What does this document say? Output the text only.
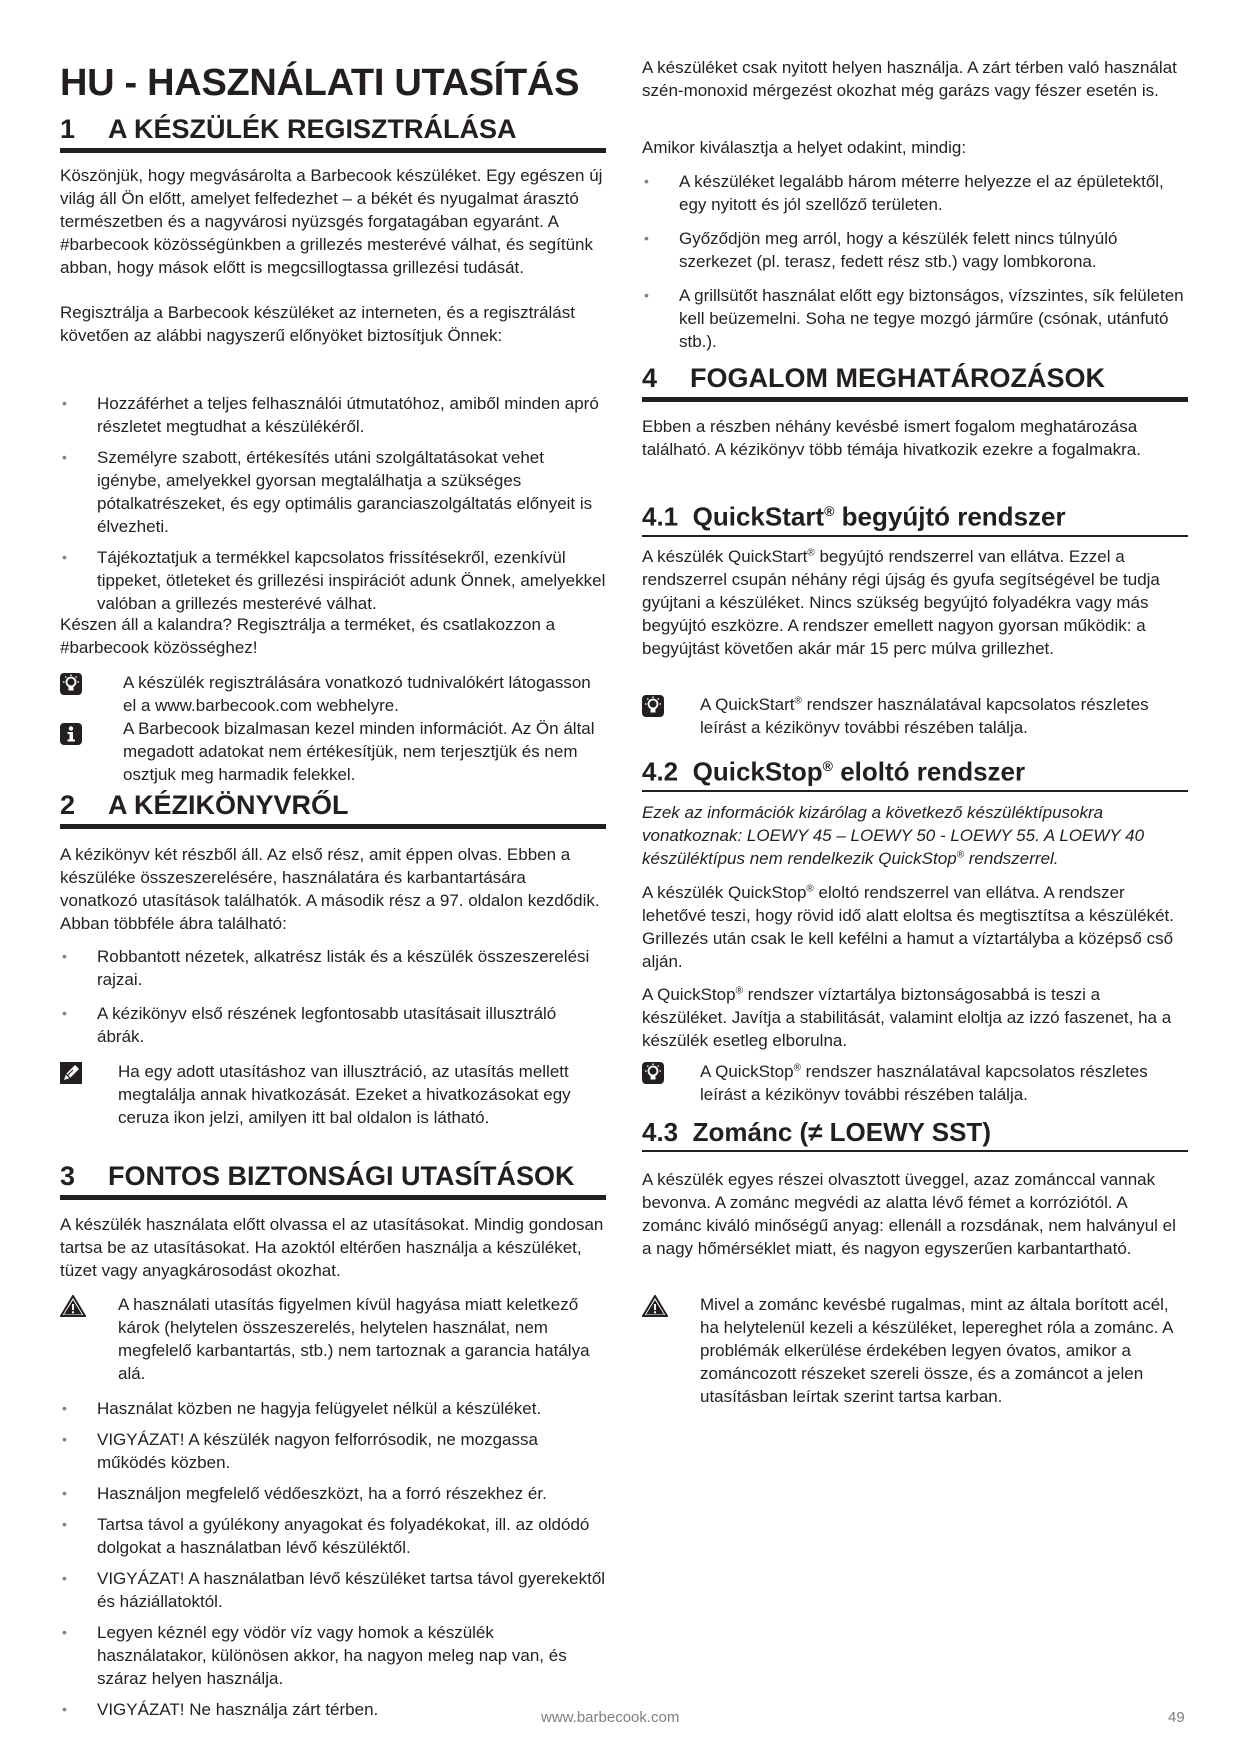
HU - HASZNÁLATI UTASÍTÁS
1 A KÉSZÜLÉK REGISZTRÁLÁSA

Köszönjük, hogy megvásárolta a Barbecook készüléket. Egy egészen új világ áll Ön előtt, amelyet felfedezhet – a békét és nyugalmat árasztó természetben és a nagyvárosi nyüzsgés forgatagában egyaránt. A #barbecook közösségünkben a grillezés mesterévé válhat, és segítünk abban, hogy mások előtt is megcsillogtassa grillezési tudását.

Regisztrálja a Barbecook készüléket az interneten, és a regisztrálást követően az alábbi nagyszerű előnyöket biztosítjuk Önnek:

• Hozzáférhet a teljes felhasználói útmutatóhoz, amiből minden apró részletet megtudhat a készülékéről.
• Személyre szabott, értékesítés utáni szolgáltatásokat vehet igénybe, amelyekkel gyorsan megtalálhatja a szükséges pótalkatrészeket, és egy optimális garanciaszolgáltatás előnyeit is élvezheti.
• Tájékoztatjuk a termékkel kapcsolatos frissítésekről, ezenkívül tippeket, ötleteket és grillezési inspirációt adunk Önnek, amelyekkel valóban a grillezés mesterévé válhat.

Készen áll a kalandra? Regisztrálja a terméket, és csatlakozzon a #barbecook közösséghez!

A készülék regisztrálására vonatkozó tudnivalókért látogasson el a www.barbecook.com webhelyre.
A Barbecook bizalmasan kezel minden információt. Az Ön által megadott adatokat nem értékesítjük, nem terjesztjük és nem osztjuk meg harmadik felekkel.
2 A KÉZIKÖNYVRŐL

A kézikönyv két részből áll. Az első rész, amit éppen olvas. Ebben a készüléke összeszerelésére, használatára és karbantartására vonatkozó utasítások találhatók. A második rész a 97. oldalon kezdődik. Abban többféle ábra található:

• Robbantott nézetek, alkatrész listák és a készülék összeszerelési rajzai.
• A kézikönyv első részének legfontosabb utasításait illusztráló ábrák.
Ha egy adott utasításhoz van illusztráció, az utasítás mellett megtalálja annak hivatkozását. Ezeket a hivatkozásokat egy ceruza ikon jelzi, amilyen itt bal oldalon is látható.
3 FONTOS BIZTONSÁGI UTASÍTÁSOK

A készülék használata előtt olvassa el az utasításokat. Mindig gondosan tartsa be az utasításokat. Ha azoktól eltérően használja a készüléket, tüzet vagy anyagkárosodást okozhat.

A használati utasítás figyelmen kívül hagyása miatt keletkező károk (helytelen összeszerelés, helytelen használat, nem megfelelő karbantartás, stb.) nem tartoznak a garancia hatálya alá.
• Használat közben ne hagyja felügyelet nélkül a készüléket.
• VIGYÁZAT! A készülék nagyon felforrósodik, ne mozgassa működés közben.
• Használjon megfelelő védőeszközt, ha a forró részekhez ér.
• Tartsa távol a gyúlékony anyagokat és folyadékokat, ill. az oldódó dolgokat a használatban lévő készüléktől.
• VIGYÁZAT! A használatban lévő készüléket tartsa távol gyerekektől és háziállatoktól.
• Legyen kéznél egy vödör víz vagy homok a készülék használatakor, különösen akkor, ha nagyon meleg nap van, és száraz helyen használja.
• VIGYÁZAT! Ne használja zárt térben.

A készüléket csak nyitott helyen használja. A zárt térben való használat szén-monoxid mérgezést okozhat még garázs vagy fészer esetén is.

Amikor kiválasztja a helyet odakint, mindig:

• A készüléket legalább három méterre helyezze el az épületektől, egy nyitott és jól szellőző területen.
• Győződjön meg arról, hogy a készülék felett nincs túlnyúló szerkezet (pl. terasz, fedett rész stb.) vagy lombkorona.
• A grillsütőt használat előtt egy biztonságos, vízszintes, sík felületen kell beüzemelni. Soha ne tegye mozgó járműre (csónak, utánfutó stb.).
4 FOGALOM MEGHATÁROZÁSOK

Ebben a részben néhány kevésbé ismert fogalom meghatározása található. A kézikönyv több témája hivatkozik ezekre a fogalmakra.

4.1 QuickStart® begyújtó rendszer

A készülék QuickStart® begyújtó rendszerrel van ellátva. Ezzel a rendszerrel csupán néhány régi újság és gyufa segítségével be tudja gyújtani a készüléket. Nincs szükség begyújtó folyadékra vagy más begyújtó eszközre. A rendszer emellett nagyon gyorsan működik: a begyújtást követően akár már 15 perc múlva grillezhet.

A QuickStart® rendszer használatával kapcsolatos részletes leírást a kézikönyv további részében találja.
4.2 QuickStop® eloltó rendszer

Ezek az információk kizárólag a következő készüléktípusokra vonatkoznak: LOEWY 45 – LOEWY 50 - LOEWY 55. A LOEWY 40 készüléktípus nem rendelkezik QuickStop® rendszerrel.

A készülék QuickStop® eloltó rendszerrel van ellátva. A rendszer lehetővé teszi, hogy rövid idő alatt eloltsa és megtisztítsa a készülékét. Grillezés után csak le kell kefélni a hamut a víztartályba a középső cső alján.

A QuickStop® rendszer víztartálya biztonságosabbá is teszi a készüléket. Javítja a stabilitását, valamint eloltja az izzó faszenet, ha a készülék esetleg elborulna.

A QuickStop® rendszer használatával kapcsolatos részletes leírást a kézikönyv további részében találja.
4.3 Zománc (≠ LOEWY SST)

A készülék egyes részei olvasztott üveggel, azaz zománccal vannak bevonva. A zománc megvédi az alatta lévő fémet a korróziótól. A zománc kiváló minőségű anyag: ellenáll a rozsdának, nem halványul el a nagy hőmérséklet miatt, és nagyon egyszerűen karbantartható.

Mivel a zománc kevésbé rugalmas, mint az általa borított acél, ha helytelenül kezeli a készüléket, lepereghet róla a zománc. A problémák elkerülése érdekében legyen óvatos, amikor a zománcozott részeket szereli össze, és a zománcot a jelen utasításban leírtak szerint tartsa karban.
www.barbecook.com	49
